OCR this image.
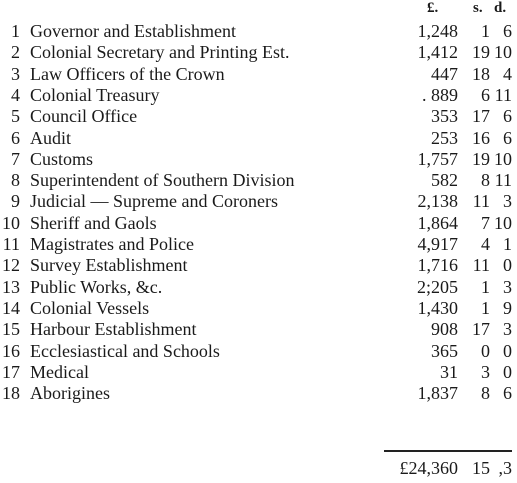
£. s. d.
1 Governor and Establishment	1,248	1 6
2 Colonial Secretary and Printing Est.	1,412 19 10
3 Law Officers of the Crown	447 18 4
4 Colonial Treasury	. 889	6 11
5 Council Office	353 17 6
6 Audit	253 16 6
7 Customs	1,757 19 10
8 Superintendent of Southern Division	582	8 11
9 Judicial — Supreme and Coroners	2,138 11 3
10 Sheriff and Gaols	1,864	7 10
11 Magistrates and Police	4,917	4 1
12 Survey Establishment	1,716 11 0
13 Public Works, &c.	2;205	1 3
14 Colonial Vessels	1,430	1 9
15 Harbour Establishment	908 17 3
16 Ecclesiastical and Schools	365	0 0
17 Medical	31	3 0
18 Aborigines	1,837	8 6
£24,360 15 ,3
